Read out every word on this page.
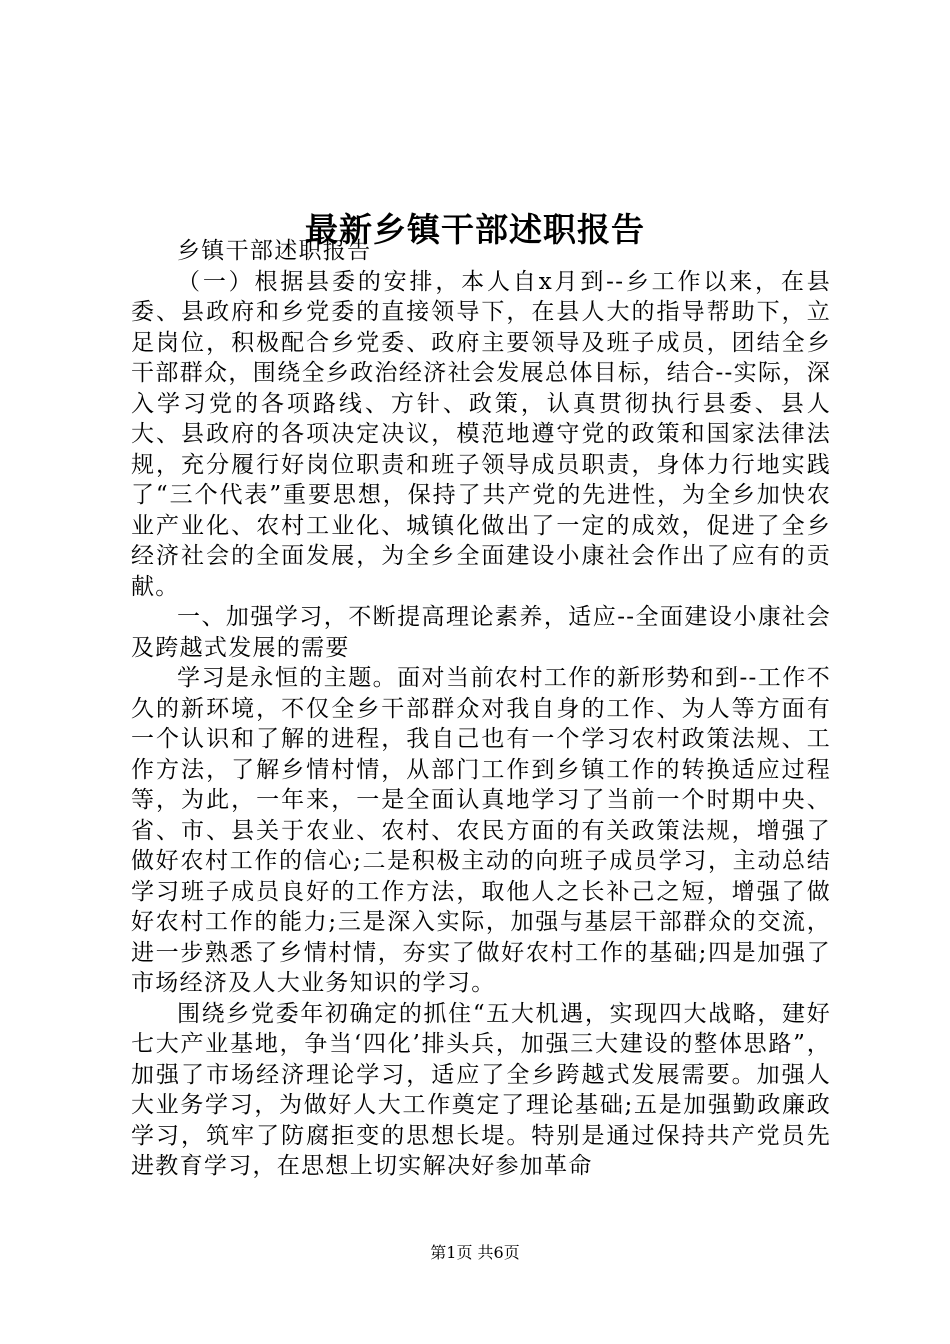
最新乡镇干部述职报告

乡镇干部述职报告

（一）根据县委的安排，本人自x月到--乡工作以来，在县委、县政府和乡党委的直接领导下，在县人大的指导帮助下，立足岗位，积极配合乡党委、政府主要领导及班子成员，团结全乡干部群众，围绕全乡政治经济社会发展总体目标，结合--实际，深入学习党的各项路线、方针、政策，认真贯彻执行县委、县人大、县政府的各项决定决议，模范地遵守党的政策和国家法律法规，充分履行好岗位职责和班子领导成员职责，身体力行地实践了“三个代表”重要思想，保持了共产党的先进性，为全乡加快农业产业化、农村工业化、城镇化做出了一定的成效，促进了全乡经济社会的全面发展，为全乡全面建设小康社会作出了应有的贡献。

一、加强学习，不断提高理论素养，适应--全面建设小康社会及跨越式发展的需要

学习是永恒的主题。面对当前农村工作的新形势和到--工作不久的新环境，不仅全乡干部群众对我自身的工作、为人等方面有一个认识和了解的进程，我自己也有一个学习农村政策法规、工作方法，了解乡情村情，从部门工作到乡镇工作的转换适应过程等，为此，一年来，一是全面认真地学习了当前一个时期中央、省、市、县关于农业、农村、农民方面的有关政策法规，增强了做好农村工作的信心;二是积极主动的向班子成员学习，主动总结学习班子成员良好的工作方法，取他人之长补己之短，增强了做好农村工作的能力;三是深入实际，加强与基层干部群众的交流，进一步熟悉了乡情村情，夯实了做好农村工作的基础;四是加强了市场经济及人大业务知识的学习。

围绕乡党委年初确定的抓住“五大机遇，实现四大战略，建好七大产业基地，争当‘四化’排头兵，加强三大建设的整体思路”，加强了市场经济理论学习，适应了全乡跨越式发展需要。加强人大业务学习，为做好人大工作奠定了理论基础;五是加强勤政廉政学习，筑牢了防腐拒变的思想长堤。特别是通过保持共产党员先进教育学习，在思想上切实解决好参加革命

第1页 共6页
